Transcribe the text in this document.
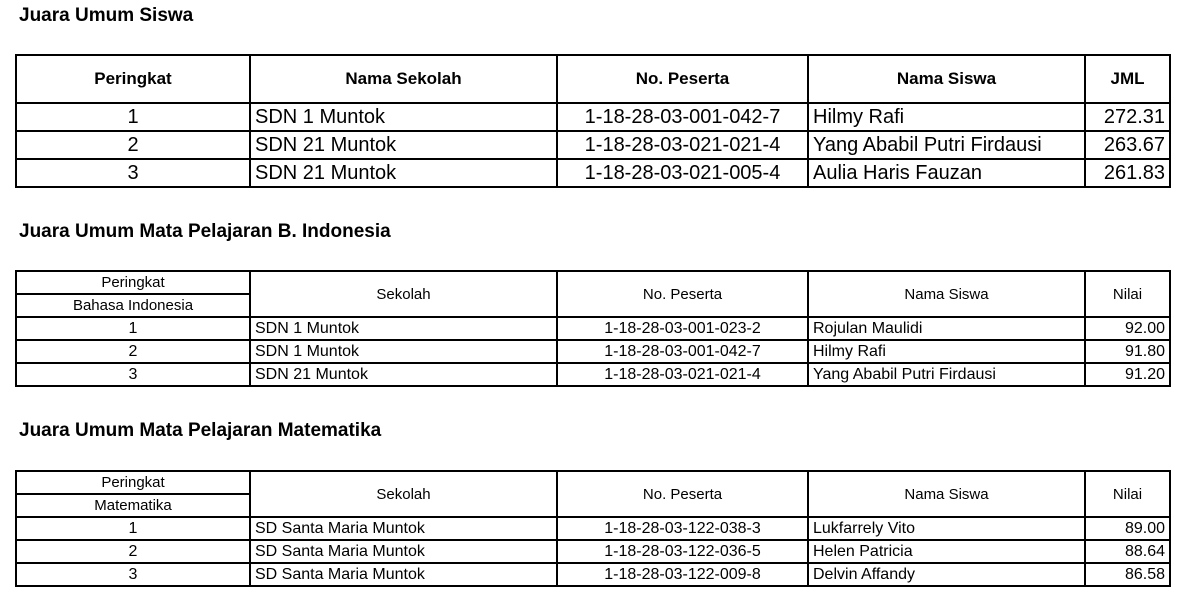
Juara Umum Siswa
Peringkat	Nama Sekolah	No. Peserta	Nama Siswa	JML
1	SDN 1 Muntok	1-18-28-03-001-042-7	Hilmy Rafi	272.31
2	SDN 21 Muntok	1-18-28-03-021-021-4	Yang Ababil Putri Firdausi	263.67
3	SDN 21 Muntok	1-18-28-03-021-005-4	Aulia Haris Fauzan	261.83
Juara Umum Mata Pelajaran B. Indonesia
Peringkat	Sekolah	No. Peserta	Nama Siswa	Nilai
Bahasa Indonesia				
1	SDN 1 Muntok	1-18-28-03-001-023-2	Rojulan Maulidi	92.00
2	SDN 1 Muntok	1-18-28-03-001-042-7	Hilmy Rafi	91.80
3	SDN 21 Muntok	1-18-28-03-021-021-4	Yang Ababil Putri Firdausi	91.20
Juara Umum Mata Pelajaran Matematika
Peringkat	Sekolah	No. Peserta	Nama Siswa	Nilai
Matematika				
1	SD Santa Maria Muntok	1-18-28-03-122-038-3	Lukfarrely Vito	89.00
2	SD Santa Maria Muntok	1-18-28-03-122-036-5	Helen Patricia	88.64
3	SD Santa Maria Muntok	1-18-28-03-122-009-8	Delvin Affandy	86.58
